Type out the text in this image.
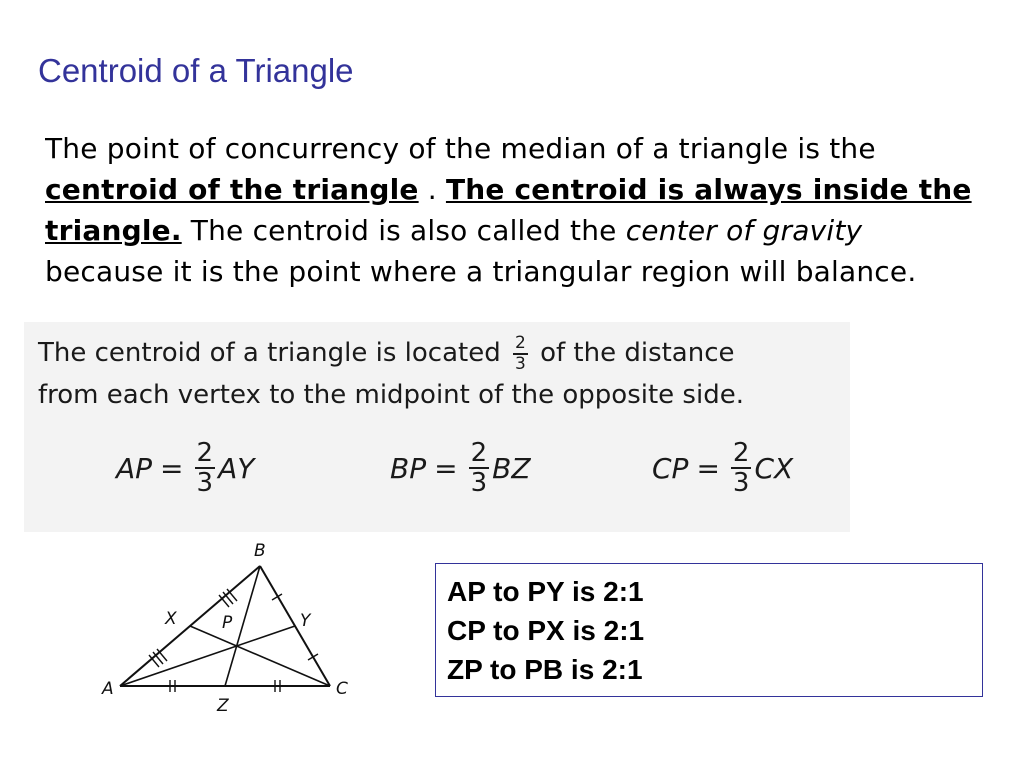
Centroid of a Triangle
The point of concurrency of the median of a triangle is the centroid of the triangle . The centroid is always inside the triangle. The centroid is also called the center of gravity because it is the point where a triangular region will balance.
The centroid of a triangle is located $\frac{2}{3}$ of the distance
from each vertex to the midpoint of the opposite side.
AP = $\frac{2}{3}$ AY	BP = $\frac{2}{3}$ BZ	CP = $\frac{2}{3}$ CX
A
B
C
X	Y
Z
P
AP to PY is 2:1
CP to PX is 2:1
ZP to PB is 2:1
